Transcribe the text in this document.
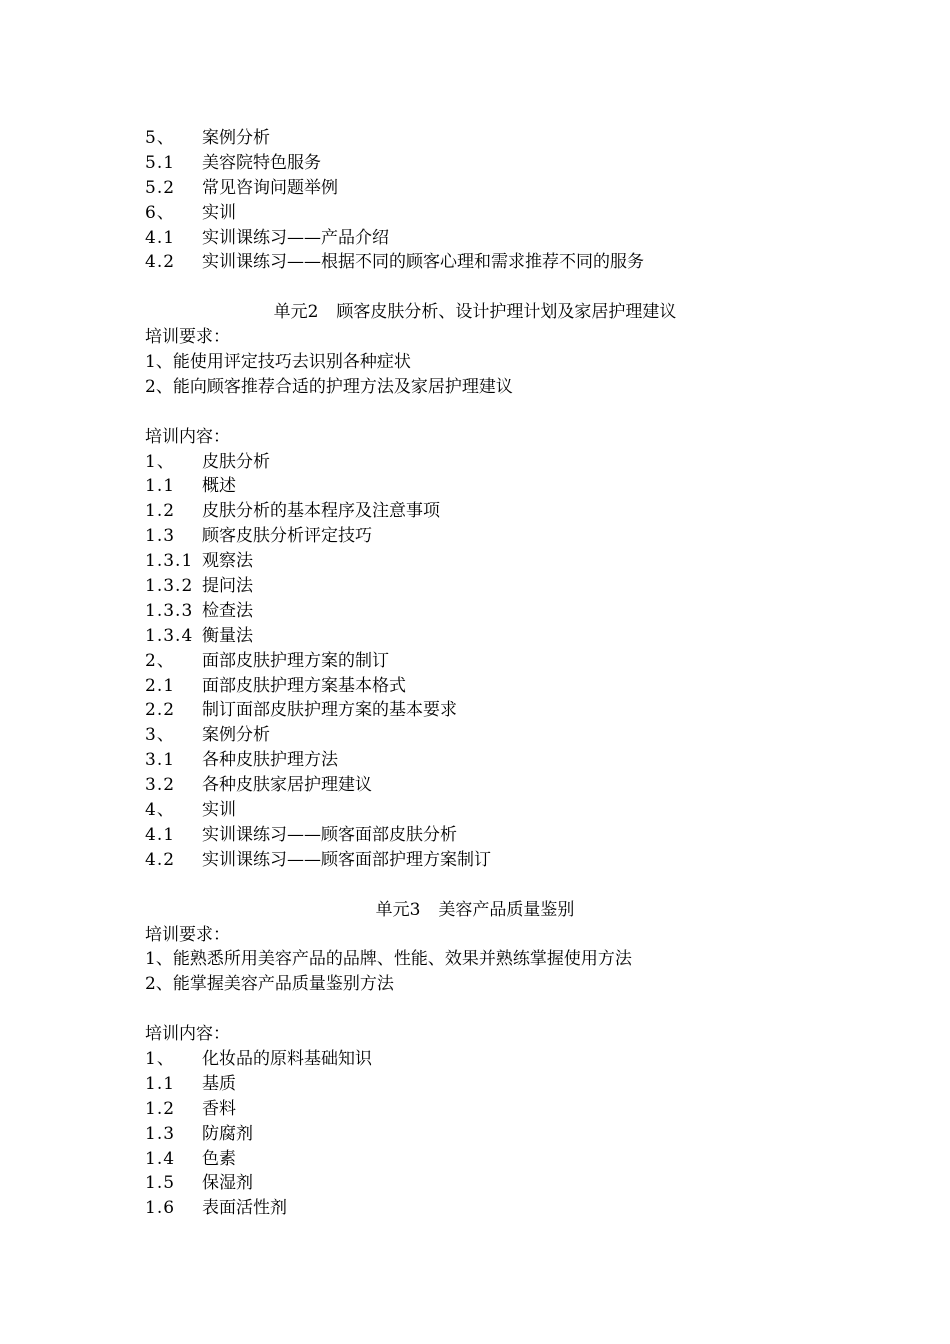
5、 案例分析
5.1 美容院特色服务
5.2 常见咨询问题举例
6、 实训
4.1 实训课练习——产品介绍
4.2 实训课练习——根据不同的顾客心理和需求推荐不同的服务
单元2 顾客皮肤分析、设计护理计划及家居护理建议
培训要求：
1、能使用评定技巧去识别各种症状
2、能向顾客推荐合适的护理方法及家居护理建议
培训内容：
1、 皮肤分析
1.1 概述
1.2 皮肤分析的基本程序及注意事项
1.3 顾客皮肤分析评定技巧
1.3.1 观察法
1.3.2 提问法
1.3.3 检查法
1.3.4 衡量法
2、 面部皮肤护理方案的制订
2.1 面部皮肤护理方案基本格式
2.2 制订面部皮肤护理方案的基本要求
3、 案例分析
3.1 各种皮肤护理方法
3.2 各种皮肤家居护理建议
4、 实训
4.1 实训课练习——顾客面部皮肤分析
4.2 实训课练习——顾客面部护理方案制订
单元3 美容产品质量鉴别
培训要求：
1、能熟悉所用美容产品的品牌、性能、效果并熟练掌握使用方法
2、能掌握美容产品质量鉴别方法
培训内容：
1、 化妆品的原料基础知识
1.1 基质
1.2 香料
1.3 防腐剂
1.4 色素
1.5 保湿剂
1.6 表面活性剂
